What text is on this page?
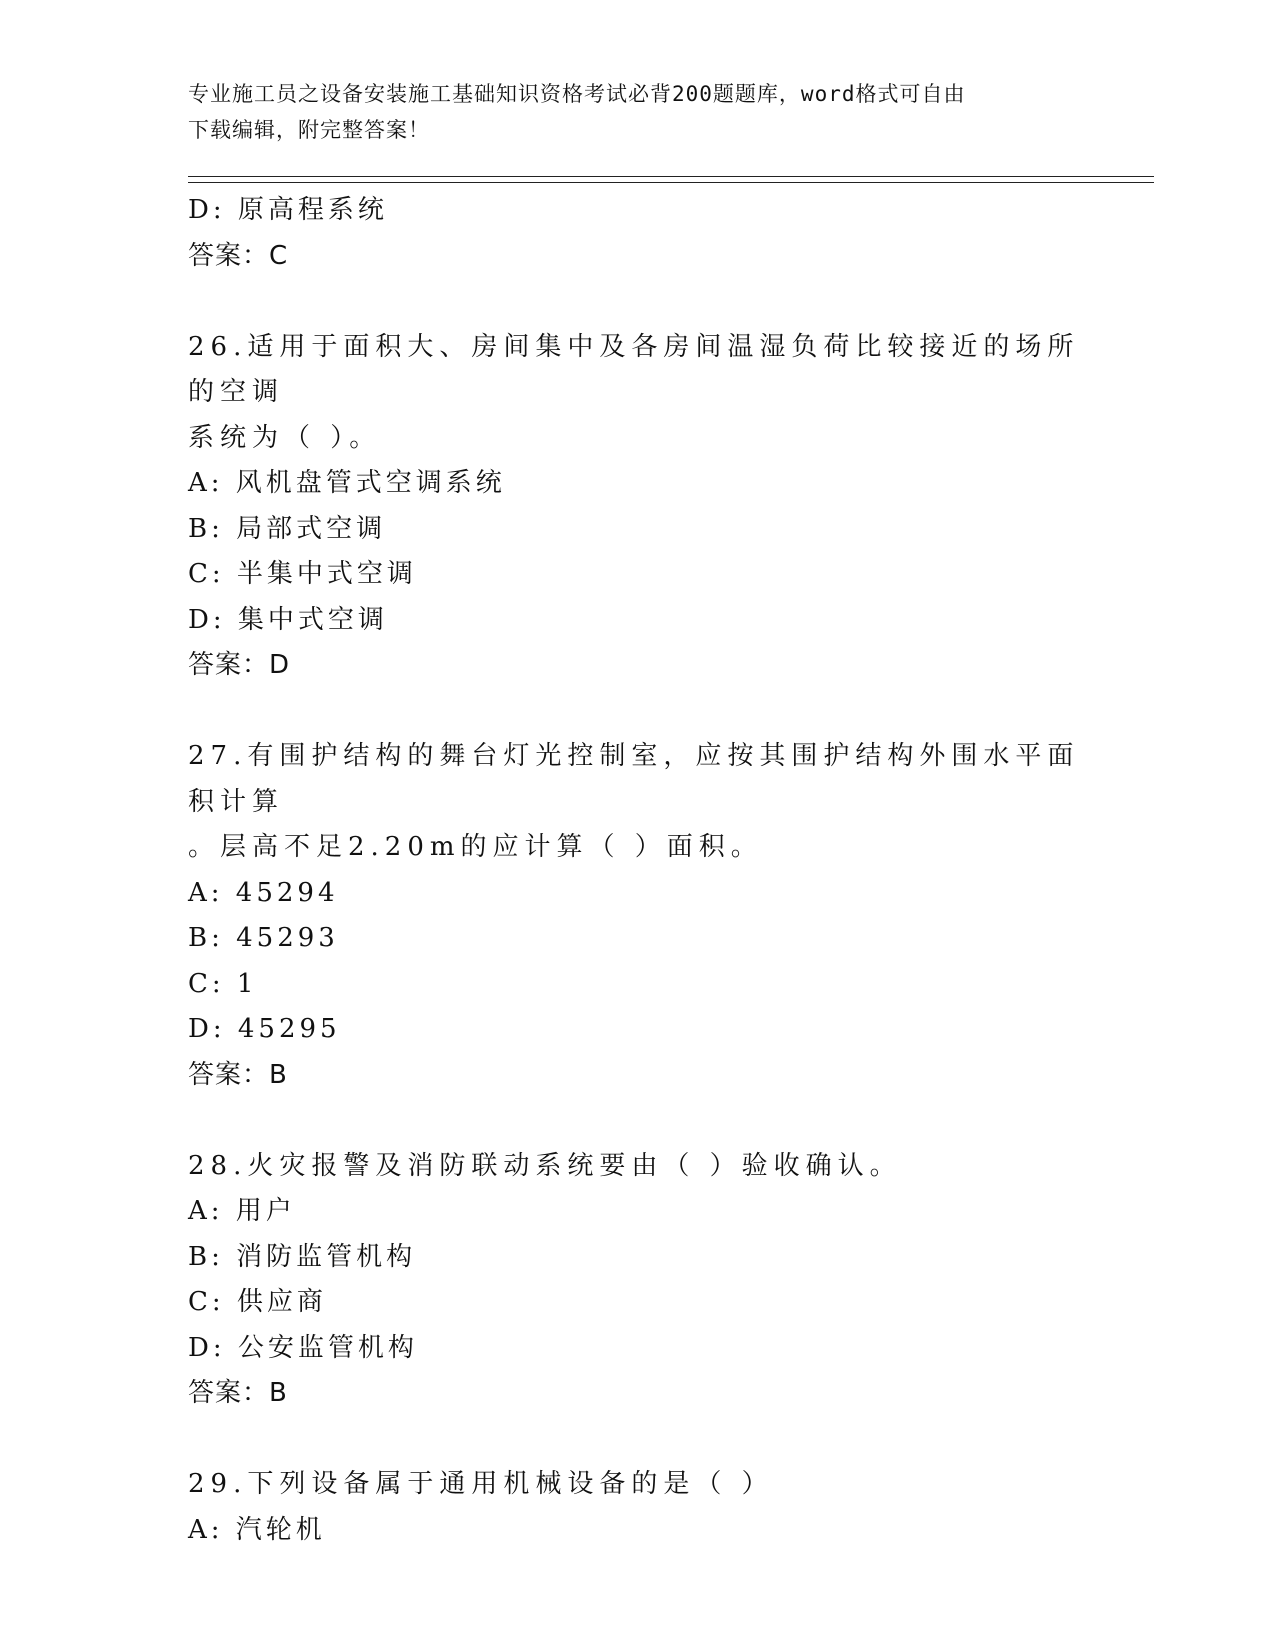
专业施工员之设备安装施工基础知识资格考试必背200题题库，word格式可自由
下载编辑，附完整答案！
D: 原高程系统
答案：C
26.适用于面积大、房间集中及各房间温湿负荷比较接近的场所的空调
系统为（ ）。
A: 风机盘管式空调系统
B: 局部式空调
C: 半集中式空调
D: 集中式空调
答案：D
27.有围护结构的舞台灯光控制室，应按其围护结构外围水平面积计算
。层高不足2.20m的应计算（ ）面积。
A: 45294
B: 45293
C: 1
D: 45295
答案：B
28.火灾报警及消防联动系统要由（ ）验收确认。
A: 用户
B: 消防监管机构
C: 供应商
D: 公安监管机构
答案：B
29.下列设备属于通用机械设备的是（ ）
A: 汽轮机
